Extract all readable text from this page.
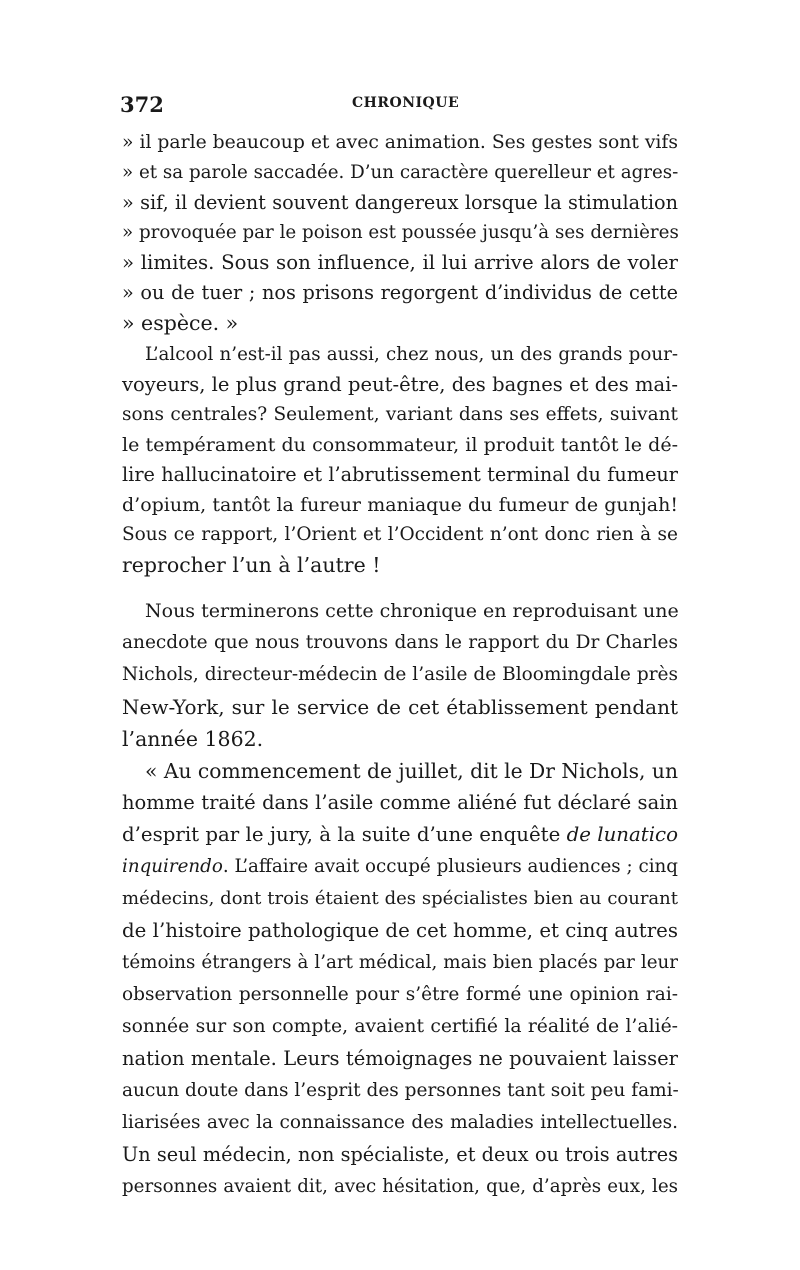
372	CHRONIQUE
» il parle beaucoup et avec animation. Ses gestes sont vifs
» et sa parole saccadée. D’un caractère querelleur et agres-
» sif, il devient souvent dangereux lorsque la stimulation
» provoquée par le poison est poussée jusqu’à ses dernières
» limites. Sous son influence, il lui arrive alors de voler
» ou de tuer ; nos prisons regorgent d’individus de cette
» espèce. »
L’alcool n’est-il pas aussi, chez nous, un des grands pour-
voyeurs, le plus grand peut-être, des bagnes et des mai-
sons centrales? Seulement, variant dans ses effets, suivant
le tempérament du consommateur, il produit tantôt le dé-
lire hallucinatoire et l’abrutissement terminal du fumeur
d’opium, tantôt la fureur maniaque du fumeur de gunjah!
Sous ce rapport, l’Orient et l’Occident n’ont donc rien à se
reprocher l’un à l’autre !
Nous terminerons cette chronique en reproduisant une
anecdote que nous trouvons dans le rapport du Dr Charles
Nichols, directeur-médecin de l’asile de Bloomingdale près
New-York, sur le service de cet établissement pendant
l’année 1862.
« Au commencement de juillet, dit le Dr Nichols, un
homme traité dans l’asile comme aliéné fut déclaré sain
d’esprit par le jury, à la suite d’une enquête de lunatico
inquirendo. L’affaire avait occupé plusieurs audiences ; cinq
médecins, dont trois étaient des spécialistes bien au courant
de l’histoire pathologique de cet homme, et cinq autres
témoins étrangers à l’art médical, mais bien placés par leur
observation personnelle pour s’être formé une opinion rai-
sonnée sur son compte, avaient certifié la réalité de l’alié-
nation mentale. Leurs témoignages ne pouvaient laisser
aucun doute dans l’esprit des personnes tant soit peu fami-
liarisées avec la connaissance des maladies intellectuelles.
Un seul médecin, non spécialiste, et deux ou trois autres
personnes avaient dit, avec hésitation, que, d’après eux, les
